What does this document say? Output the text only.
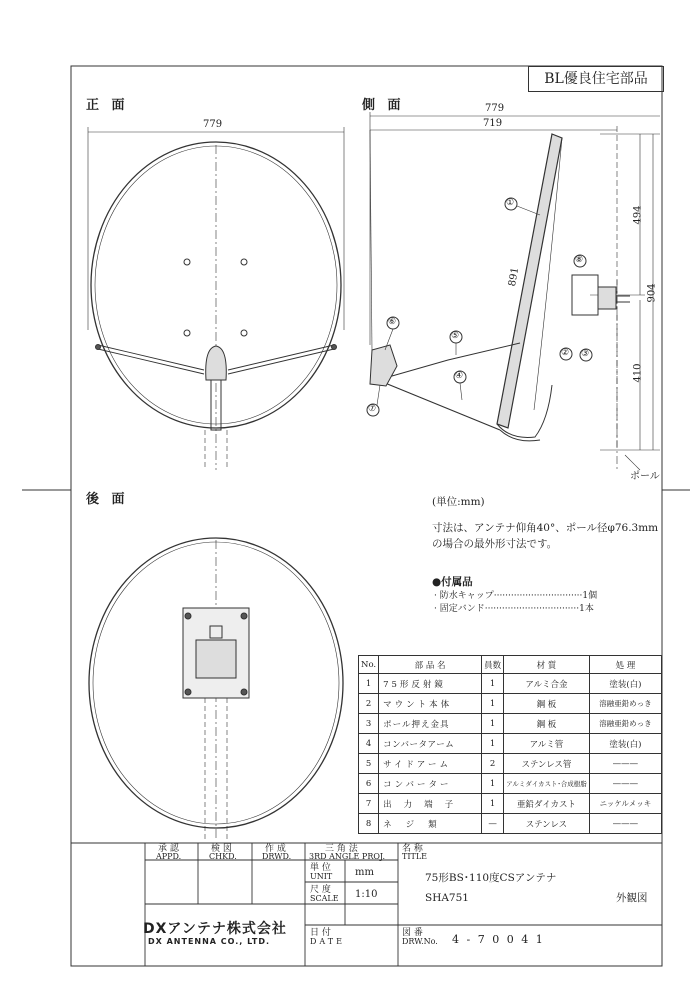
BL優良住宅部品
正 面	側 面
後 面
779
779
719
891
494
904
410
ポール
①
② ③
④
⑤
⑥
⑦
⑧
(単位:mm)
寸法は、アンテナ仰角40°、ポール径φ76.3mm
の場合の最外形寸法です。
●付属品
· 防水キャップ·······························1個
· 固定バンド·································1本
No.	部 品 名	員数	材 質	処 理
1	75形反射鏡	1	アルミ合金	塗装(白)
2	マウント本体	1	鋼 板	溶融亜鉛めっき
3	ポール押え金具	1	鋼 板	溶融亜鉛めっき
4	コンバータアーム	1	アルミ管	塗装(白)
5	サイドアーム	2	ステンレス管	———
6	コンバーター	1	アルミダイカスト･合成樹脂	———
7	出力端子	1	亜鉛ダイカスト	ニッケルメッキ
8	ネジ類	—	ステンレス	———
承 認
APPD.
検 図
CHKD.
作 成
DRWD.
三 角 法
3RD ANGLE PROJ.
名 称
TITLE
単 位
UNIT mm
尺 度
SCALE 1:10
日 付
DATE
図 番
DRW.No.
75形BS･110度CSアンテナ
SHA751	外観図
4 - 7 0 0 4 1
DXアンテナ株式会社
DX ANTENNA CO., LTD.
